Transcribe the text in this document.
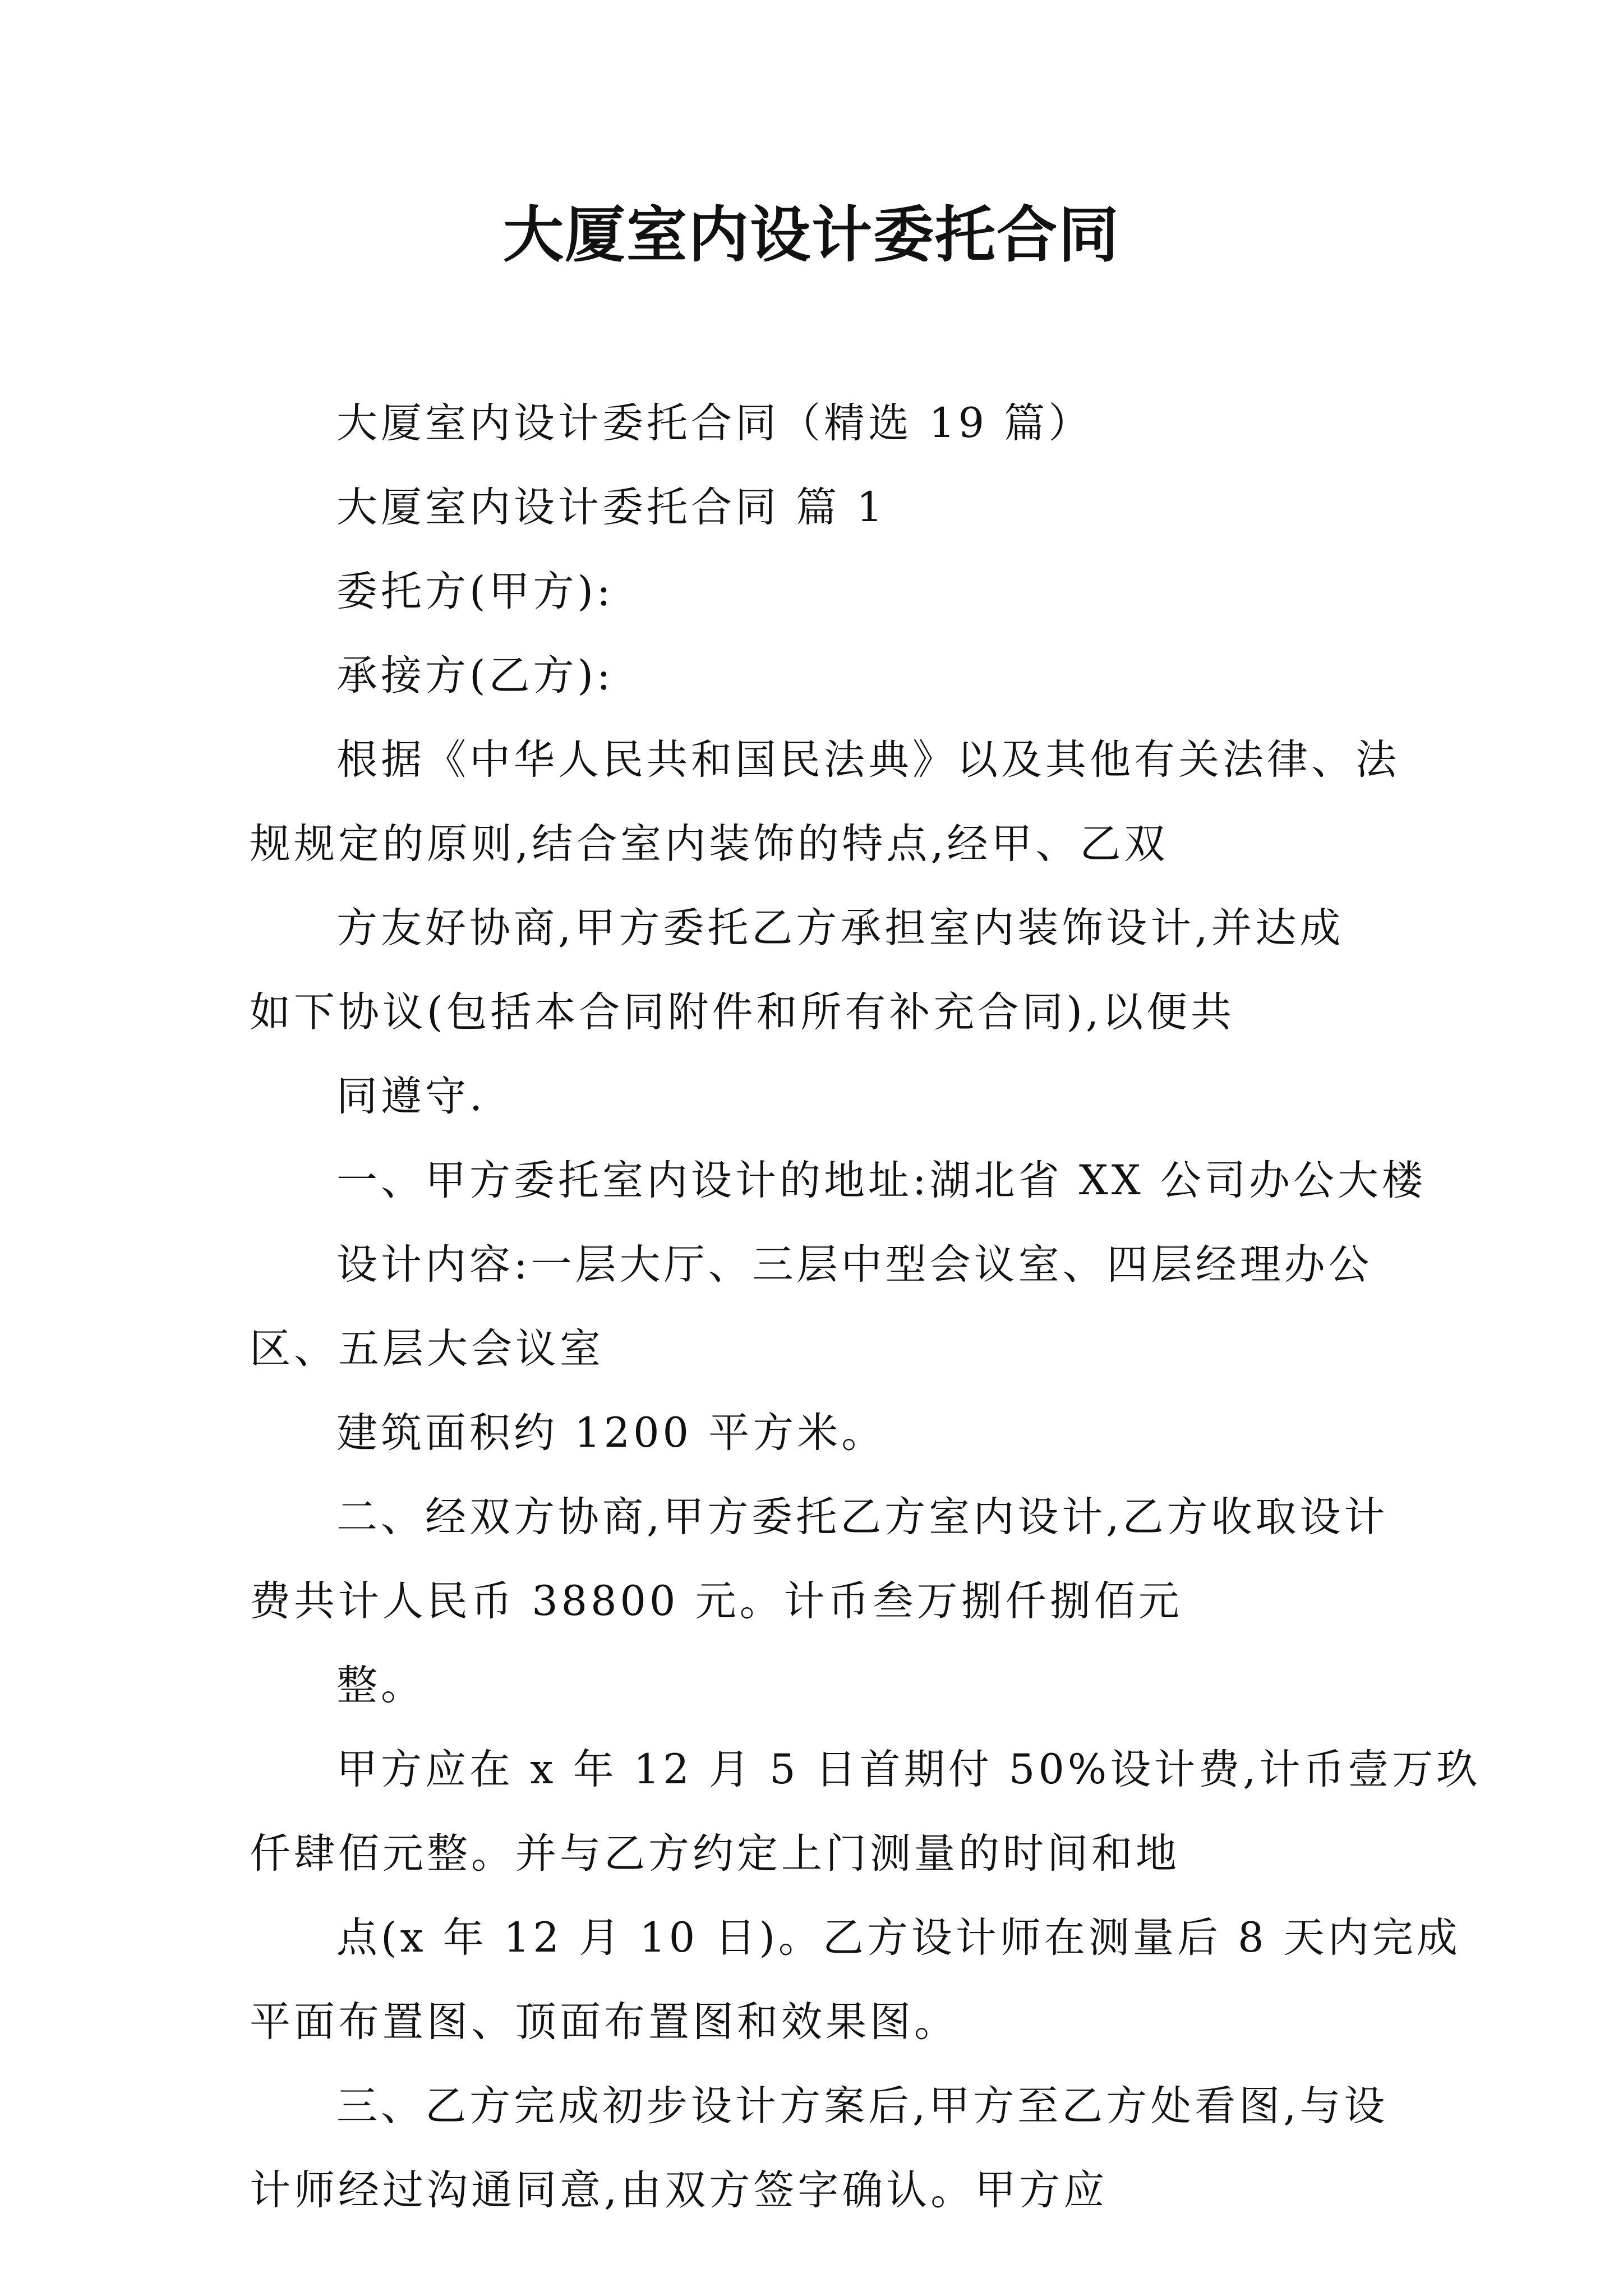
大厦室内设计委托合同
大厦室内设计委托合同（精选 19 篇）
大厦室内设计委托合同 篇 1
委托方(甲方):
承接方(乙方):
根据《中华人民共和国民法典》以及其他有关法律、法
规规定的原则,结合室内装饰的特点,经甲、乙双
方友好协商,甲方委托乙方承担室内装饰设计,并达成
如下协议(包括本合同附件和所有补充合同),以便共
同遵守.
一、甲方委托室内设计的地址:湖北省 XX 公司办公大楼
设计内容:一层大厅、三层中型会议室、四层经理办公
区、五层大会议室
建筑面积约 1200 平方米。
二、经双方协商,甲方委托乙方室内设计,乙方收取设计
费共计人民币 38800 元。计币叁万捌仟捌佰元
整。
甲方应在 x 年 12 月 5 日首期付 50%设计费,计币壹万玖
仟肆佰元整。并与乙方约定上门测量的时间和地
点(x 年 12 月 10 日)。乙方设计师在测量后 8 天内完成
平面布置图、顶面布置图和效果图。
三、乙方完成初步设计方案后,甲方至乙方处看图,与设
计师经过沟通同意,由双方签字确认。甲方应
